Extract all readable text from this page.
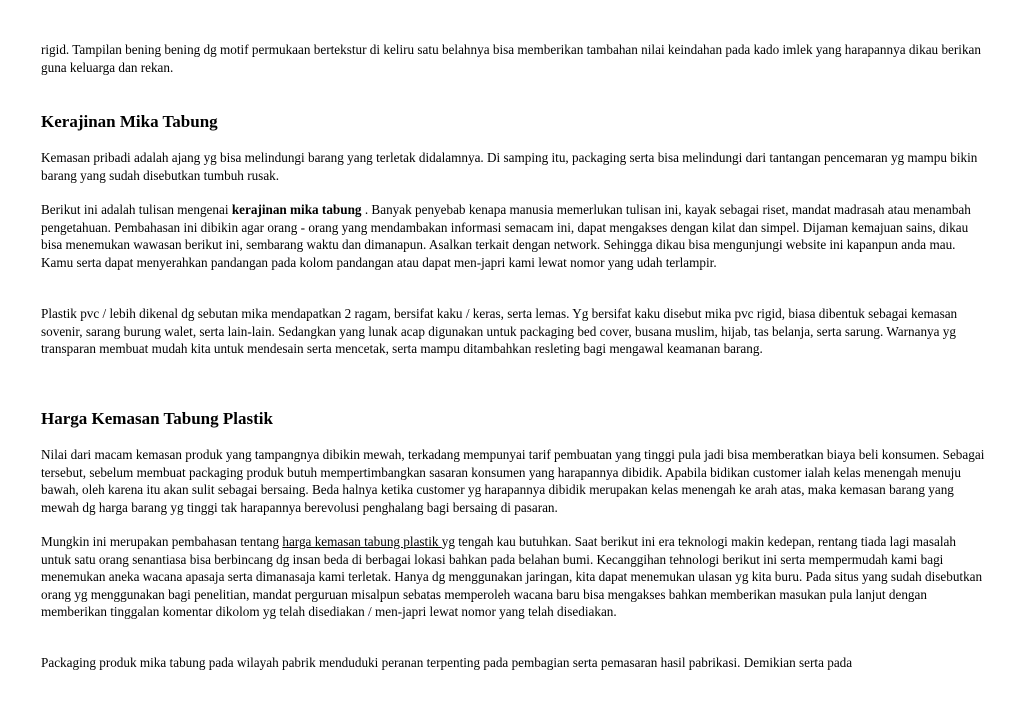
rigid. Tampilan bening bening dg motif permukaan bertekstur di keliru satu belahnya bisa memberikan tambahan nilai keindahan pada kado imlek yang harapannya dikau berikan guna keluarga dan rekan.

Kerajinan Mika Tabung

Kemasan pribadi adalah ajang yg bisa melindungi barang yang terletak didalamnya. Di samping itu, packaging serta bisa melindungi dari tantangan pencemaran yg mampu bikin barang yang sudah disebutkan tumbuh rusak.

Berikut ini adalah tulisan mengenai kerajinan mika tabung . Banyak penyebab kenapa manusia memerlukan tulisan ini, kayak sebagai riset, mandat madrasah atau menambah pengetahuan. Pembahasan ini dibikin agar orang - orang yang mendambakan informasi semacam ini, dapat mengakses dengan kilat dan simpel. Dijaman kemajuan sains, dikau bisa menemukan wawasan berikut ini, sembarang waktu dan dimanapun. Asalkan terkait dengan network. Sehingga dikau bisa mengunjungi website ini kapanpun anda mau. Kamu serta dapat menyerahkan pandangan pada kolom pandangan atau dapat men-japri kami lewat nomor yang udah terlampir.

Plastik pvc / lebih dikenal dg sebutan mika mendapatkan 2 ragam, bersifat kaku / keras, serta lemas. Yg bersifat kaku disebut mika pvc rigid, biasa dibentuk sebagai kemasan sovenir, sarang burung walet, serta lain-lain. Sedangkan yang lunak acap digunakan untuk packaging bed cover, busana muslim, hijab, tas belanja, serta sarung. Warnanya yg transparan membuat mudah kita untuk mendesain serta mencetak, serta mampu ditambahkan resleting bagi mengawal keamanan barang.

Harga Kemasan Tabung Plastik

Nilai dari macam kemasan produk yang tampangnya dibikin mewah, terkadang mempunyai tarif pembuatan yang tinggi pula jadi bisa memberatkan biaya beli konsumen. Sebagai tersebut, sebelum membuat packaging produk butuh mempertimbangkan sasaran konsumen yang harapannya dibidik. Apabila bidikan customer ialah kelas menengah menuju bawah, oleh karena itu akan sulit sebagai bersaing. Beda halnya ketika customer yg harapannya dibidik merupakan kelas menengah ke arah atas, maka kemasan barang yang mewah dg harga barang yg tinggi tak harapannya berevolusi penghalang bagi bersaing di pasaran.

Mungkin ini merupakan pembahasan tentang harga kemasan tabung plastik yg tengah kau butuhkan. Saat berikut ini era teknologi makin kedepan, rentang tiada lagi masalah untuk satu orang senantiasa bisa berbincang dg insan beda di berbagai lokasi bahkan pada belahan bumi. Kecanggihan tehnologi berikut ini serta mempermudah kami bagi menemukan aneka wacana apasaja serta dimanasaja kami terletak. Hanya dg menggunakan jaringan, kita dapat menemukan ulasan yg kita buru. Pada situs yang sudah disebutkan orang yg menggunakan bagi penelitian, mandat perguruan misalpun sebatas memperoleh wacana baru bisa mengakses bahkan memberikan masukan pula lanjut dengan memberikan tinggalan komentar dikolom yg telah disediakan / men-japri lewat nomor yang telah disediakan.

Packaging produk mika tabung pada wilayah pabrik menduduki peranan terpenting pada pembagian serta pemasaran hasil pabrikasi. Demikian serta pada
